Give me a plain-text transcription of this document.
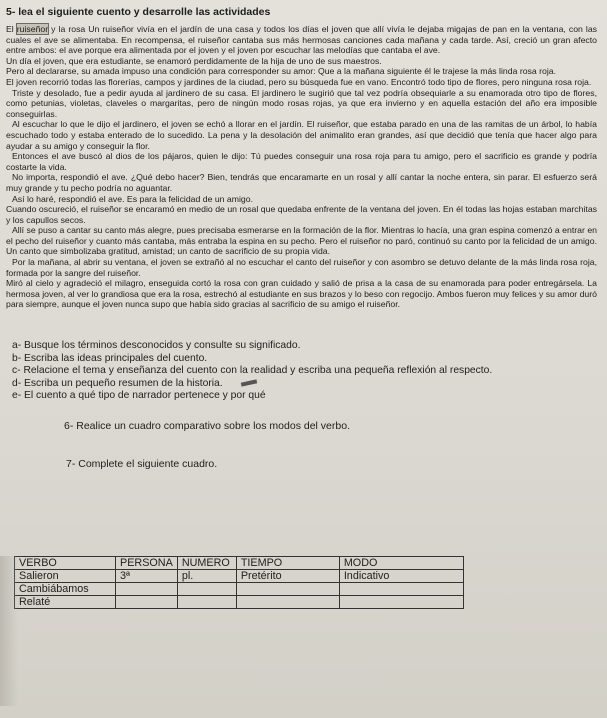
5- lea el siguiente cuento y desarrolle las actividades

El ruiseñor y la rosa Un ruiseñor vivía en el jardín de una casa y todos los días el joven que allí vivía le dejaba migajas de pan en la ventana, con las cuales el ave se alimentaba. En recompensa, el ruiseñor cantaba sus más hermosas canciones cada mañana y cada tarde. Así, creció un gran afecto entre ambos: el ave porque era alimentada por el joven y el joven por escuchar las melodías que cantaba el ave.

Un día el joven, que era estudiante, se enamoró perdidamente de la hija de uno de sus maestros.

Pero al declararse, su amada impuso una condición para corresponder su amor: Que a la mañana siguiente él le trajese la más linda rosa roja.

El joven recorrió todas las florerías, campos y jardines de la ciudad, pero su búsqueda fue en vano. Encontró todo tipo de flores, pero ninguna rosa roja.

Triste y desolado, fue a pedir ayuda al jardinero de su casa. El jardinero le sugirió que tal vez podría obsequiarle a su enamorada otro tipo de flores, como petunias, violetas, claveles o margaritas, pero de ningún modo rosas rojas, ya que era invierno y en aquella estación del año era imposible conseguirlas.

Al escuchar lo que le dijo el jardinero, el joven se echó a llorar en el jardín. El ruiseñor, que estaba parado en una de las ramitas de un árbol, lo había escuchado todo y estaba enterado de lo sucedido. La pena y la desolación del animalito eran grandes, así que decidió que tenía que hacer algo para ayudar a su amigo y conseguir la flor.

Entonces el ave buscó al dios de los pájaros, quien le dijo: Tú puedes conseguir una rosa roja para tu amigo, pero el sacrificio es grande y podría costarte la vida.

No importa, respondió el ave. ¿Qué debo hacer? Bien, tendrás que encaramarte en un rosal y allí cantar la noche entera, sin parar. El esfuerzo será muy grande y tu pecho podría no aguantar.

Así lo haré, respondió el ave. Es para la felicidad de un amigo.

Cuando oscureció, el ruiseñor se encaramó en medio de un rosal que quedaba enfrente de la ventana del joven. En él todas las hojas estaban marchitas y los capullos secos.

Allí se puso a cantar su canto más alegre, pues precisaba esmerarse en la formación de la flor. Mientras lo hacía, una gran espina comenzó a entrar en el pecho del ruiseñor y cuanto más cantaba, más entraba la espina en su pecho. Pero el ruiseñor no paró, continuó su canto por la felicidad de un amigo. Un canto que simbolizaba gratitud, amistad; un canto de sacrificio de su propia vida.

Por la mañana, al abrir su ventana, el joven se extrañó al no escuchar el canto del ruiseñor y con asombro se detuvo delante de la más linda rosa roja, formada por la sangre del ruiseñor.

Miró al cielo y agradeció el milagro, enseguida cortó la rosa con gran cuidado y salió de prisa a la casa de su enamorada para poder entregársela. La hermosa joven, al ver lo grandiosa que era la rosa, estrechó al estudiante en sus brazos y lo beso con regocijo. Ambos fueron muy felices y su amor duró para siempre, aunque el joven nunca supo que había sido gracias al sacrificio de su amigo el ruiseñor.

a- Busque los términos desconocidos y consulte su significado.
b- Escriba las ideas principales del cuento.
c- Relacione el tema y enseñanza del cuento con la realidad y escriba una pequeña reflexión al respecto.
d- Escriba un pequeño resumen de la historia.
e- El cuento a qué tipo de narrador pertenece y por qué
6- Realice un cuadro comparativo sobre los modos del verbo.
7- Complete el siguiente cuadro.
VERBO	PERSONA	NUMERO	TIEMPO	MODO
Salieron	3ª	pl.	Pretérito	Indicativo
Cambiábamos				
Relaté				
